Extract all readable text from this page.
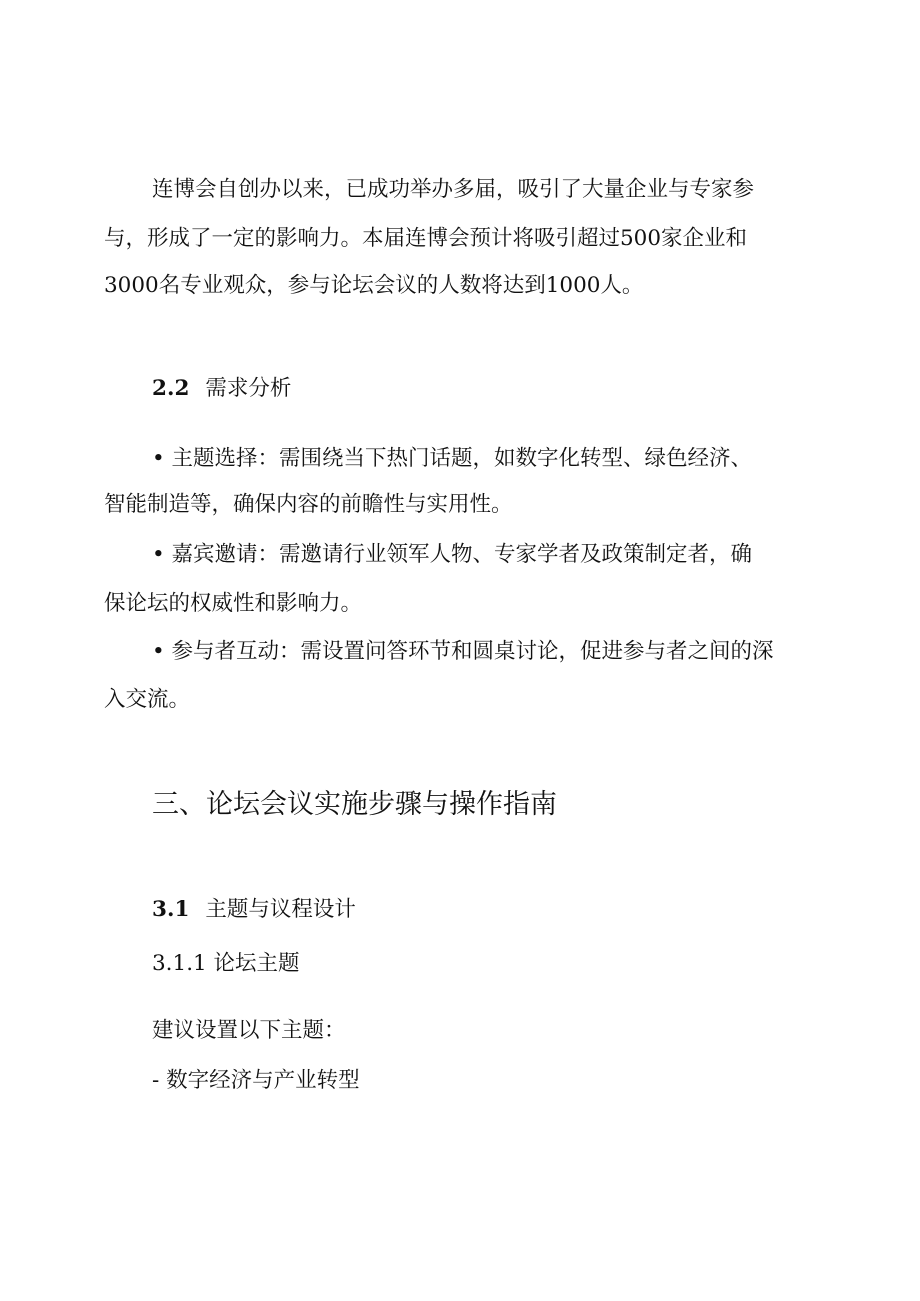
连博会自创办以来，已成功举办多届，吸引了大量企业与专家参
与，形成了一定的影响力。本届连博会预计将吸引超过500家企业和
3000名专业观众，参与论坛会议的人数将达到1000人。
2.2 需求分析
• 主题选择：需围绕当下热门话题，如数字化转型、绿色经济、
智能制造等，确保内容的前瞻性与实用性。
• 嘉宾邀请：需邀请行业领军人物、专家学者及政策制定者，确
保论坛的权威性和影响力。
• 参与者互动：需设置问答环节和圆桌讨论，促进参与者之间的深
入交流。
三、论坛会议实施步骤与操作指南
3.1 主题与议程设计
3.1.1 论坛主题
建议设置以下主题：
- 数字经济与产业转型
